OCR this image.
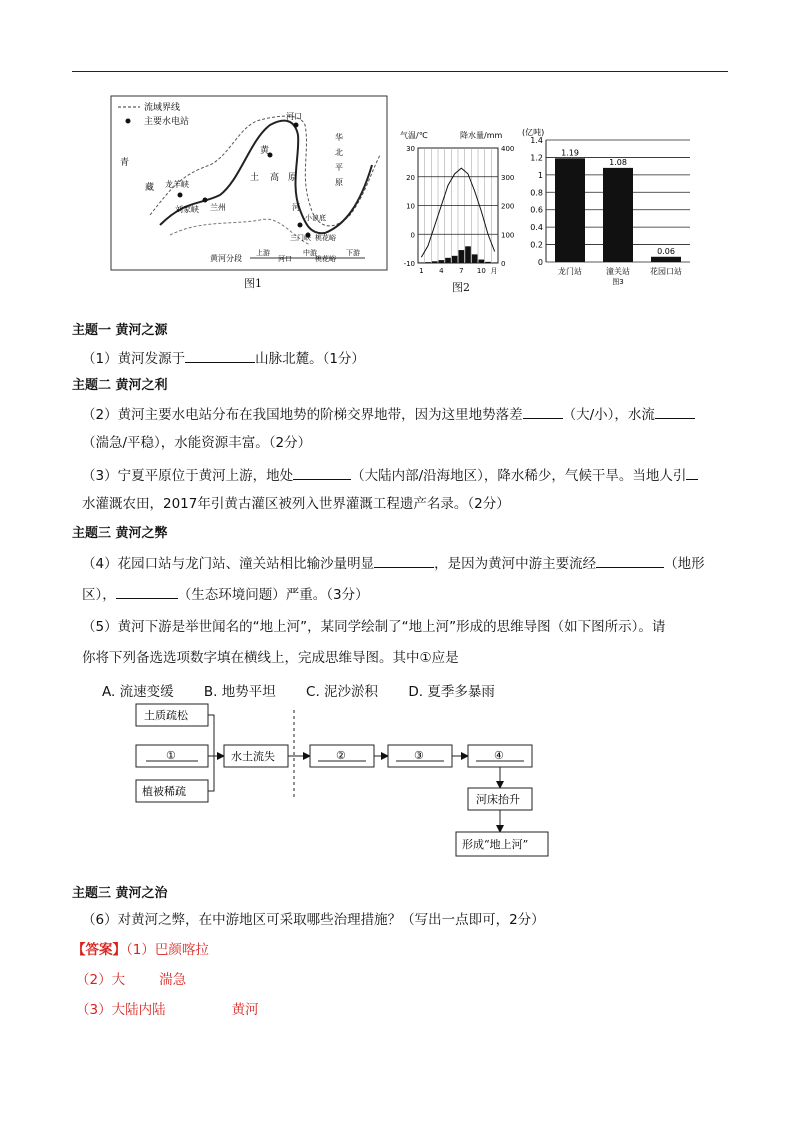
流域界线
主要水电站
河口
黄
土 高 原
青
藏 龙羊峡
刘家峡 兰州
华
北
平
原
河
小浪底
三门峡 桃花峪
黄河分段
上游
河口
中游
桃花峪
下游
图1
气温/℃	降水量/mm
30
20
10
0
-10
400
300
200
100
0
1 4 7 10 月
图2
(亿吨)
1.4
1.2
1
0.8
0.6
0.4
0.2
0
1.19
龙门站
1.08
潼关站
0.06
花园口站
图3
主题一 黄河之源
（1）黄河发源于	山脉北麓。（1分）
主题二 黄河之利
（2）黄河主要水电站分布在我国地势的阶梯交界地带，因为这里地势落差	（大/小），水流
（湍急/平稳），水能资源丰富。（2分）
（3）宁夏平原位于黄河上游，地处	（大陆内部/沿海地区），降水稀少，气候干旱。当地人引
水灌溉农田，2017年引黄古灌区被列入世界灌溉工程遗产名录。（2分）
主题三 黄河之弊
（4）花园口站与龙门站、潼关站相比输沙量明显	，是因为黄河中游主要流经	（地形
区），	（生态环境问题）严重。（3分）
（5）黄河下游是举世闻名的“地上河”，某同学绘制了“地上河”形成的思维导图（如下图所示）。请
你将下列备选选项数字填在横线上，完成思维导图。其中①应是
A. 流速变缓 B. 地势平坦 C. 泥沙淤积 D. 夏季多暴雨
土质疏松
①
植被稀疏
水土流失	②	③	④
河床抬升
形成“地上河”
主题三 黄河之治
（6）对黄河之弊，在中游地区可采取哪些治理措施？（写出一点即可，2分）
【答案】（1）巴颜喀拉
（2）大	湍急
（3）大陆内陆	黄河
